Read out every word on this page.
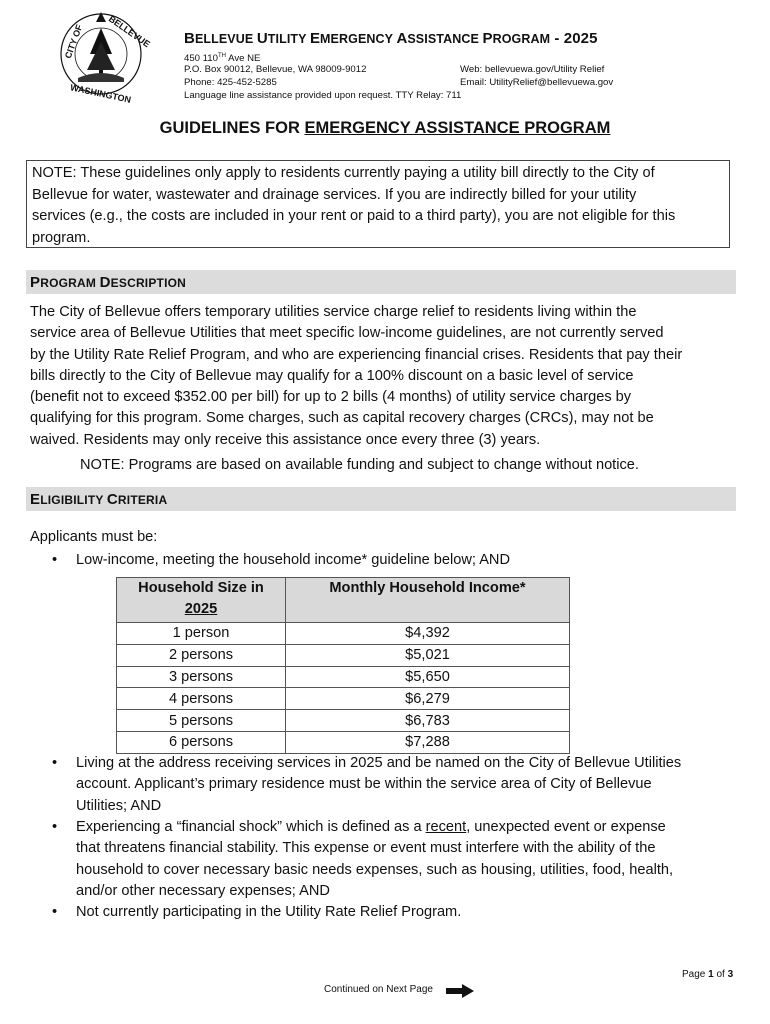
CITY OF BELLEVUE
WASHINGTON
BELLEVUE UTILITY EMERGENCY ASSISTANCE PROGRAM - 2025
450 110TH Ave NE
P.O. Box 90012, Bellevue, WA 98009-9012	Web: bellevuewa.gov/Utility Relief
Phone: 425-452-5285	Email: UtilityRelief@bellevuewa.gov
Language line assistance provided upon request. TTY Relay: 711
GUIDELINES FOR EMERGENCY ASSISTANCE PROGRAM
NOTE: These guidelines only apply to residents currently paying a utility bill directly to the City of
Bellevue for water, wastewater and drainage services. If you are indirectly billed for your utility
services (e.g., the costs are included in your rent or paid to a third party), you are not eligible for this
program.
PROGRAM DESCRIPTION
The City of Bellevue offers temporary utilities service charge relief to residents living within the
service area of Bellevue Utilities that meet specific low-income guidelines, are not currently served
by the Utility Rate Relief Program, and who are experiencing financial crises. Residents that pay their
bills directly to the City of Bellevue may qualify for a 100% discount on a basic level of service
(benefit not to exceed $352.00 per bill) for up to 2 bills (4 months) of utility service charges by
qualifying for this program. Some charges, such as capital recovery charges (CRCs), may not be
waived. Residents may only receive this assistance once every three (3) years.
NOTE: Programs are based on available funding and subject to change without notice.
ELIGIBILITY CRITERIA
Applicants must be:
• Low-income, meeting the household income* guideline below; AND
Household Size in
2025	Monthly Household Income*
1 person	$4,392
2 persons	$5,021
3 persons	$5,650
4 persons	$6,279
5 persons	$6,783
6 persons	$7,288
• Living at the address receiving services in 2025 and be named on the City of Bellevue Utilities
account. Applicant’s primary residence must be within the service area of City of Bellevue
Utilities; AND
• Experiencing a “financial shock” which is defined as a recent, unexpected event or expense
that threatens financial stability. This expense or event must interfere with the ability of the
household to cover necessary basic needs expenses, such as housing, utilities, food, health,
and/or other necessary expenses; AND
• Not currently participating in the Utility Rate Relief Program.
Page 1 of 3
Continued on Next Page
